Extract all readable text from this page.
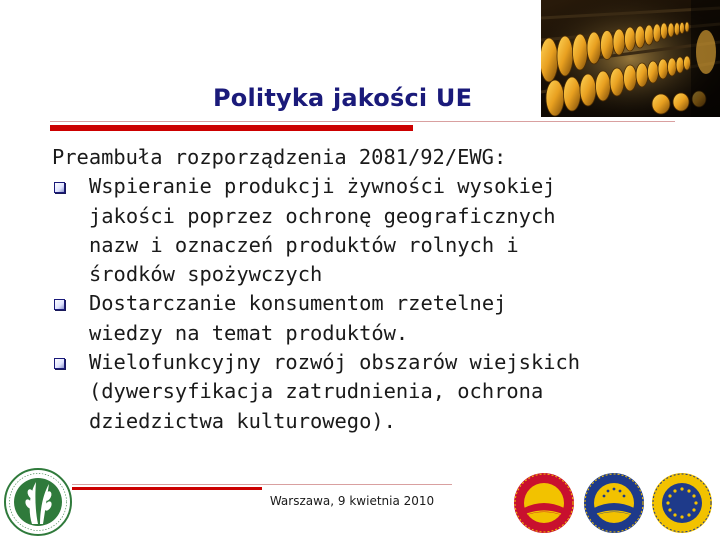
Polityka jakości UE
Preambuła rozporządzenia 2081/92/EWG:
Wspieranie produkcji żywności wysokiej
jakości poprzez ochronę geograficznych
nazw i oznaczeń produktów rolnych i
środków spożywczych
Dostarczanie konsumentom rzetelnej
wiedzy na temat produktów.
Wielofunkcyjny rozwój obszarów wiejskich
(dywersyfikacja zatrudnienia, ochrona
dziedzictwa kulturowego).
Warszawa, 9 kwietnia 2010
